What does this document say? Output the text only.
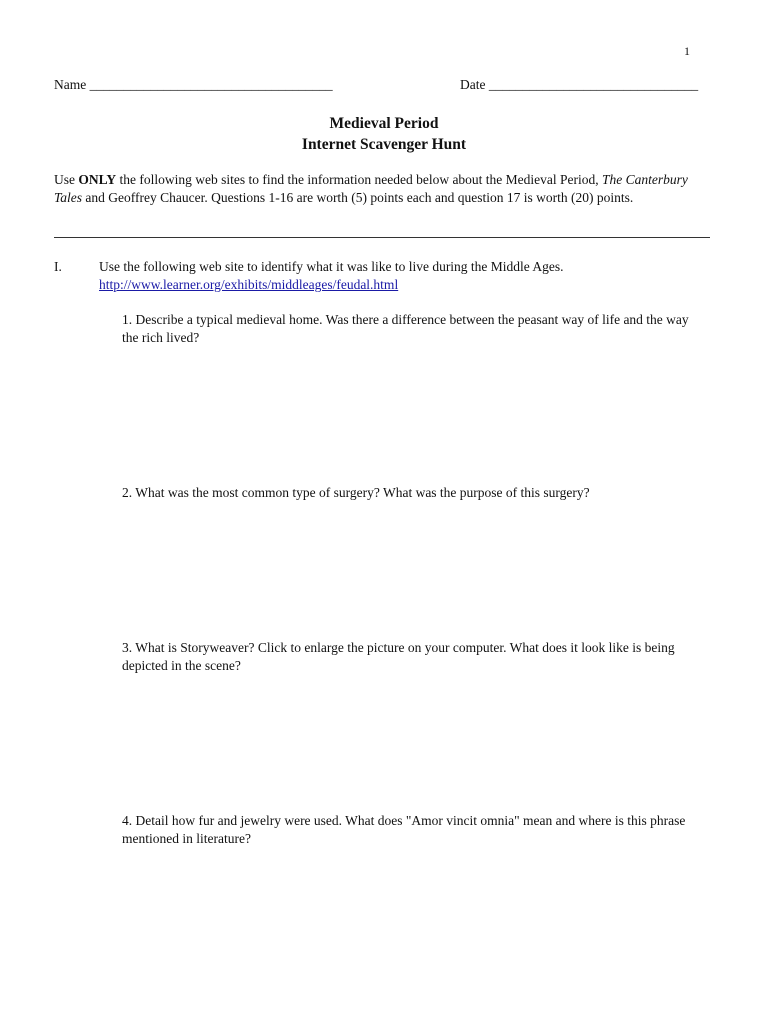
1
Name ____________________________________	Date _______________________________
Medieval Period
Internet Scavenger Hunt
Use ONLY the following web sites to find the information needed below about the Medieval Period, The Canterbury Tales and Geoffrey Chaucer. Questions 1-16 are worth (5) points each and question 17 is worth (20) points.
I.	Use the following web site to identify what it was like to live during the Middle Ages.
http://www.learner.org/exhibits/middleages/feudal.html
1. Describe a typical medieval home. Was there a difference between the peasant way of life and the way the rich lived?
2. What was the most common type of surgery? What was the purpose of this surgery?
3. What is Storyweaver? Click to enlarge the picture on your computer. What does it look like is being depicted in the scene?
4. Detail how fur and jewelry were used. What does "Amor vincit omnia" mean and where is this phrase mentioned in literature?
